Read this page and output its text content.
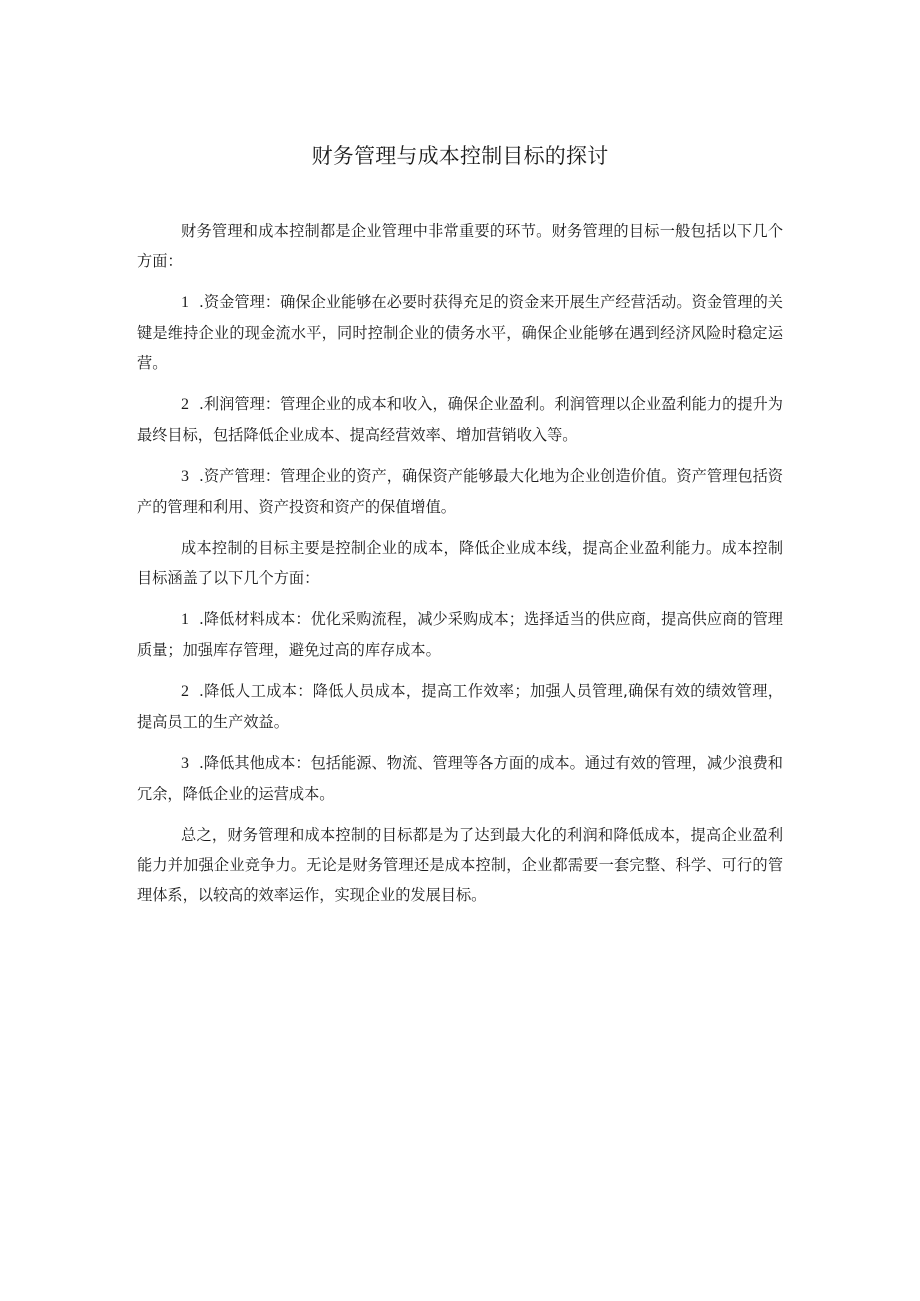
财务管理与成本控制目标的探讨

财务管理和成本控制都是企业管理中非常重要的环节。财务管理的目标一般包括以下几个方面：

1 .资金管理：确保企业能够在必要时获得充足的资金来开展生产经营活动。资金管理的关键是维持企业的现金流水平，同时控制企业的债务水平，确保企业能够在遇到经济风险时稳定运营。

2 .利润管理：管理企业的成本和收入，确保企业盈利。利润管理以企业盈利能力的提升为最终目标，包括降低企业成本、提高经营效率、增加营销收入等。

3 .资产管理：管理企业的资产，确保资产能够最大化地为企业创造价值。资产管理包括资产的管理和利用、资产投资和资产的保值增值。

成本控制的目标主要是控制企业的成本，降低企业成本线，提高企业盈利能力。成本控制目标涵盖了以下几个方面：

1 .降低材料成本：优化采购流程，减少采购成本；选择适当的供应商，提高供应商的管理质量；加强库存管理，避免过高的库存成本。

2 .降低人工成本：降低人员成本，提高工作效率；加强人员管理,确保有效的绩效管理，提高员工的生产效益。

3 .降低其他成本：包括能源、物流、管理等各方面的成本。通过有效的管理，减少浪费和冗余，降低企业的运营成本。

总之，财务管理和成本控制的目标都是为了达到最大化的利润和降低成本，提高企业盈利能力并加强企业竞争力。无论是财务管理还是成本控制，企业都需要一套完整、科学、可行的管理体系，以较高的效率运作，实现企业的发展目标。
